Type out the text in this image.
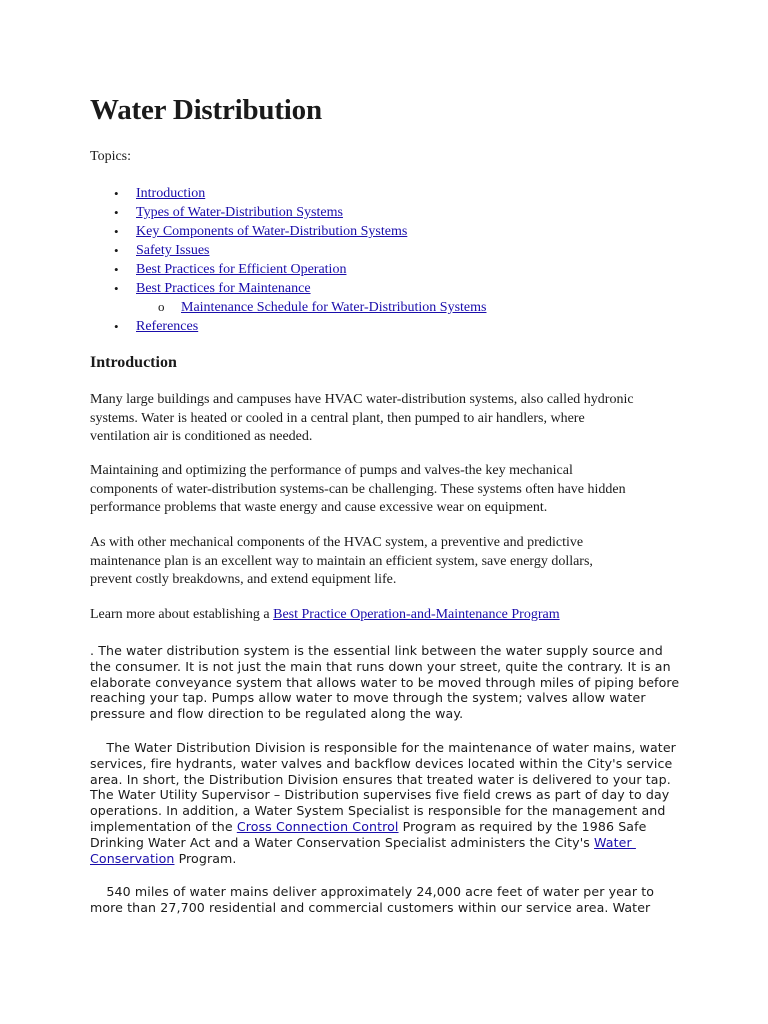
Water Distribution
Topics:
• Introduction
• Types of Water-Distribution Systems
• Key Components of Water-Distribution Systems
• Safety Issues
• Best Practices for Efficient Operation
• Best Practices for Maintenance
o Maintenance Schedule for Water-Distribution Systems
• References
Introduction
Many large buildings and campuses have HVAC water-distribution systems, also called hydronic
systems. Water is heated or cooled in a central plant, then pumped to air handlers, where
ventilation air is conditioned as needed.
Maintaining and optimizing the performance of pumps and valves-the key mechanical
components of water-distribution systems-can be challenging. These systems often have hidden
performance problems that waste energy and cause excessive wear on equipment.
As with other mechanical components of the HVAC system, a preventive and predictive
maintenance plan is an excellent way to maintain an efficient system, save energy dollars,
prevent costly breakdowns, and extend equipment life.
Learn more about establishing a Best Practice Operation-and-Maintenance Program
. The water distribution system is the essential link between the water supply source and
the consumer. It is not just the main that runs down your street, quite the contrary. It is an
elaborate conveyance system that allows water to be moved through miles of piping before
reaching your tap. Pumps allow water to move through the system; valves allow water
pressure and flow direction to be regulated along the way.
The Water Distribution Division is responsible for the maintenance of water mains, water
services, fire hydrants, water valves and backflow devices located within the City's service
area. In short, the Distribution Division ensures that treated water is delivered to your tap.
The Water Utility Supervisor – Distribution supervises five field crews as part of day to day
operations. In addition, a Water System Specialist is responsible for the management and
implementation of the Cross Connection Control Program as required by the 1986 Safe
Drinking Water Act and a Water Conservation Specialist administers the City's Water
Conservation Program.
540 miles of water mains deliver approximately 24,000 acre feet of water per year to
more than 27,700 residential and commercial customers within our service area. Water
